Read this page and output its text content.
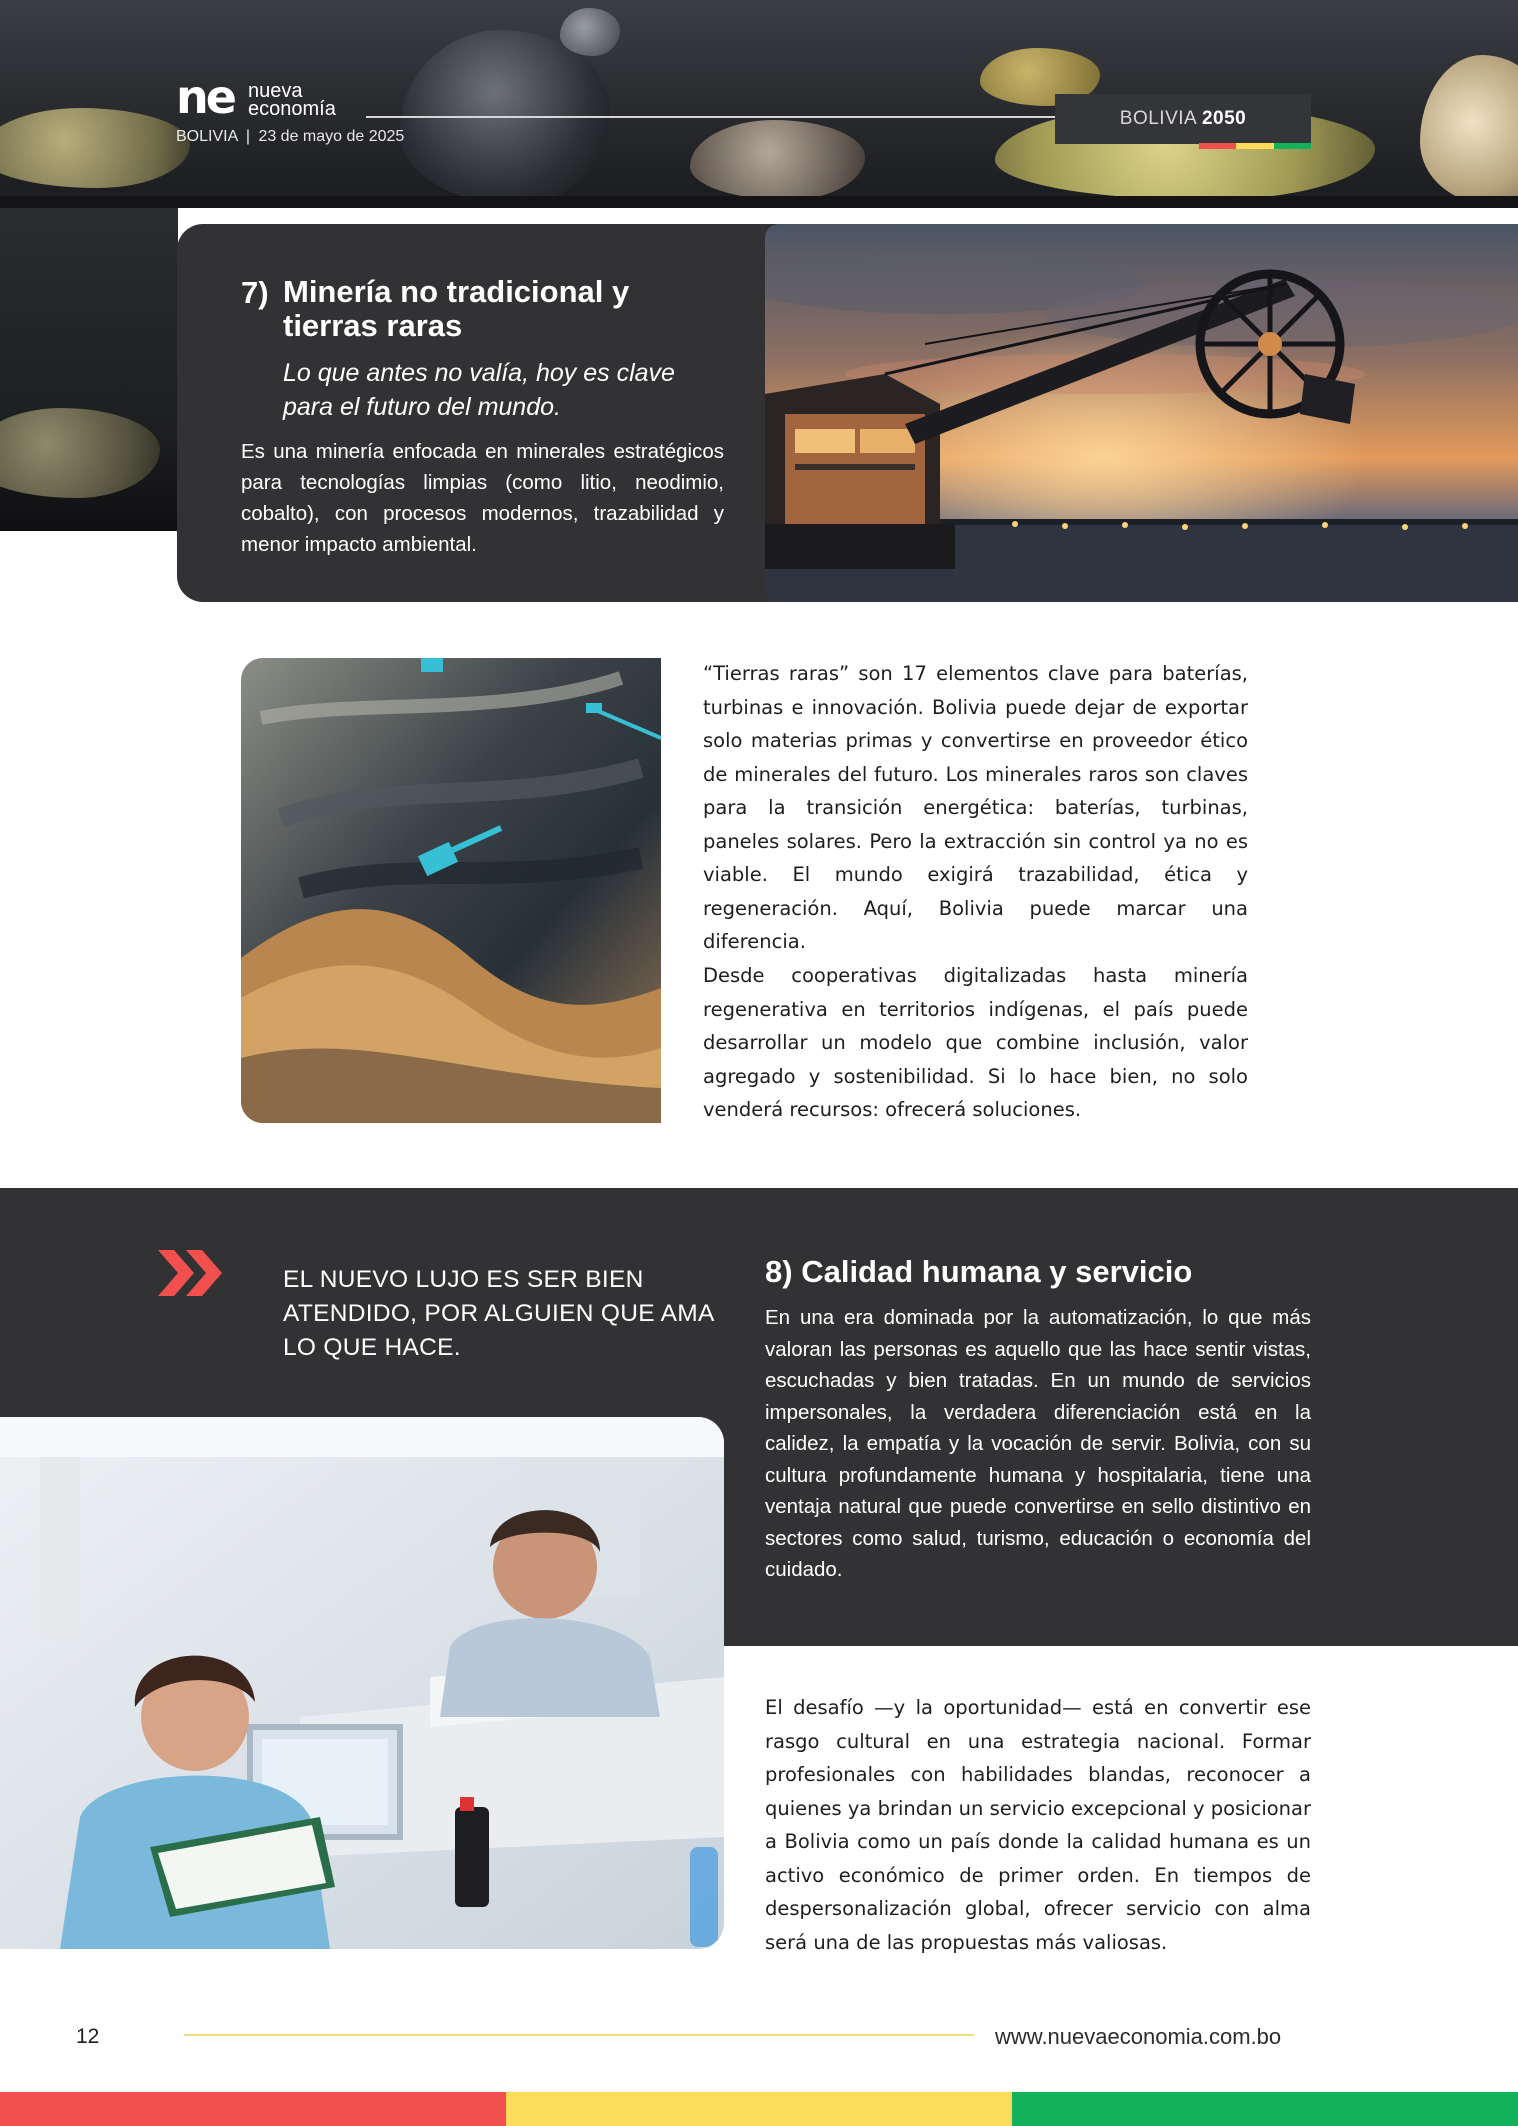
ne nueva
economía
BOLIVIA | 23 de mayo de 2025
BOLIVIA 2050
7) Minería no tradicional y tierras raras
Lo que antes no valía, hoy es clave para el futuro del mundo.
Es una minería enfocada en minerales estratégicos para tecnologías limpias (como litio, neodimio, cobalto), con procesos modernos, trazabilidad y menor impacto ambiental.

“Tierras raras” son 17 elementos clave para baterías, turbinas e innovación. Bolivia puede dejar de exportar solo materias primas y convertirse en proveedor ético de minerales del futuro. Los minerales raros son claves para la transición energética: baterías, turbinas, paneles solares. Pero la extracción sin control ya no es viable. El mundo exigirá trazabilidad, ética y regeneración. Aquí, Bolivia puede marcar una diferencia.

Desde cooperativas digitalizadas hasta minería regenerativa en territorios indígenas, el país puede desarrollar un modelo que combine inclusión, valor agregado y sostenibilidad. Si lo hace bien, no solo venderá recursos: ofrecerá soluciones.

EL NUEVO LUJO ES SER BIEN ATENDIDO, POR ALGUIEN QUE AMA LO QUE HACE.
8) Calidad humana y servicio
En una era dominada por la automatización, lo que más valoran las personas es aquello que las hace sentir vistas, escuchadas y bien tratadas. En un mundo de servicios impersonales, la verdadera diferenciación está en la calidez, la empatía y la vocación de servir. Bolivia, con su cultura profundamente humana y hospitalaria, tiene una ventaja natural que puede convertirse en sello distintivo en sectores como salud, turismo, educación o economía del cuidado.

El desafío —y la oportunidad— está en convertir ese rasgo cultural en una estrategia nacional. Formar profesionales con habilidades blandas, reconocer a quienes ya brindan un servicio excepcional y posicionar a Bolivia como un país donde la calidad humana es un activo económico de primer orden. En tiempos de despersonalización global, ofrecer servicio con alma será una de las propuestas más valiosas.

12	www.nuevaeconomia.com.bo
